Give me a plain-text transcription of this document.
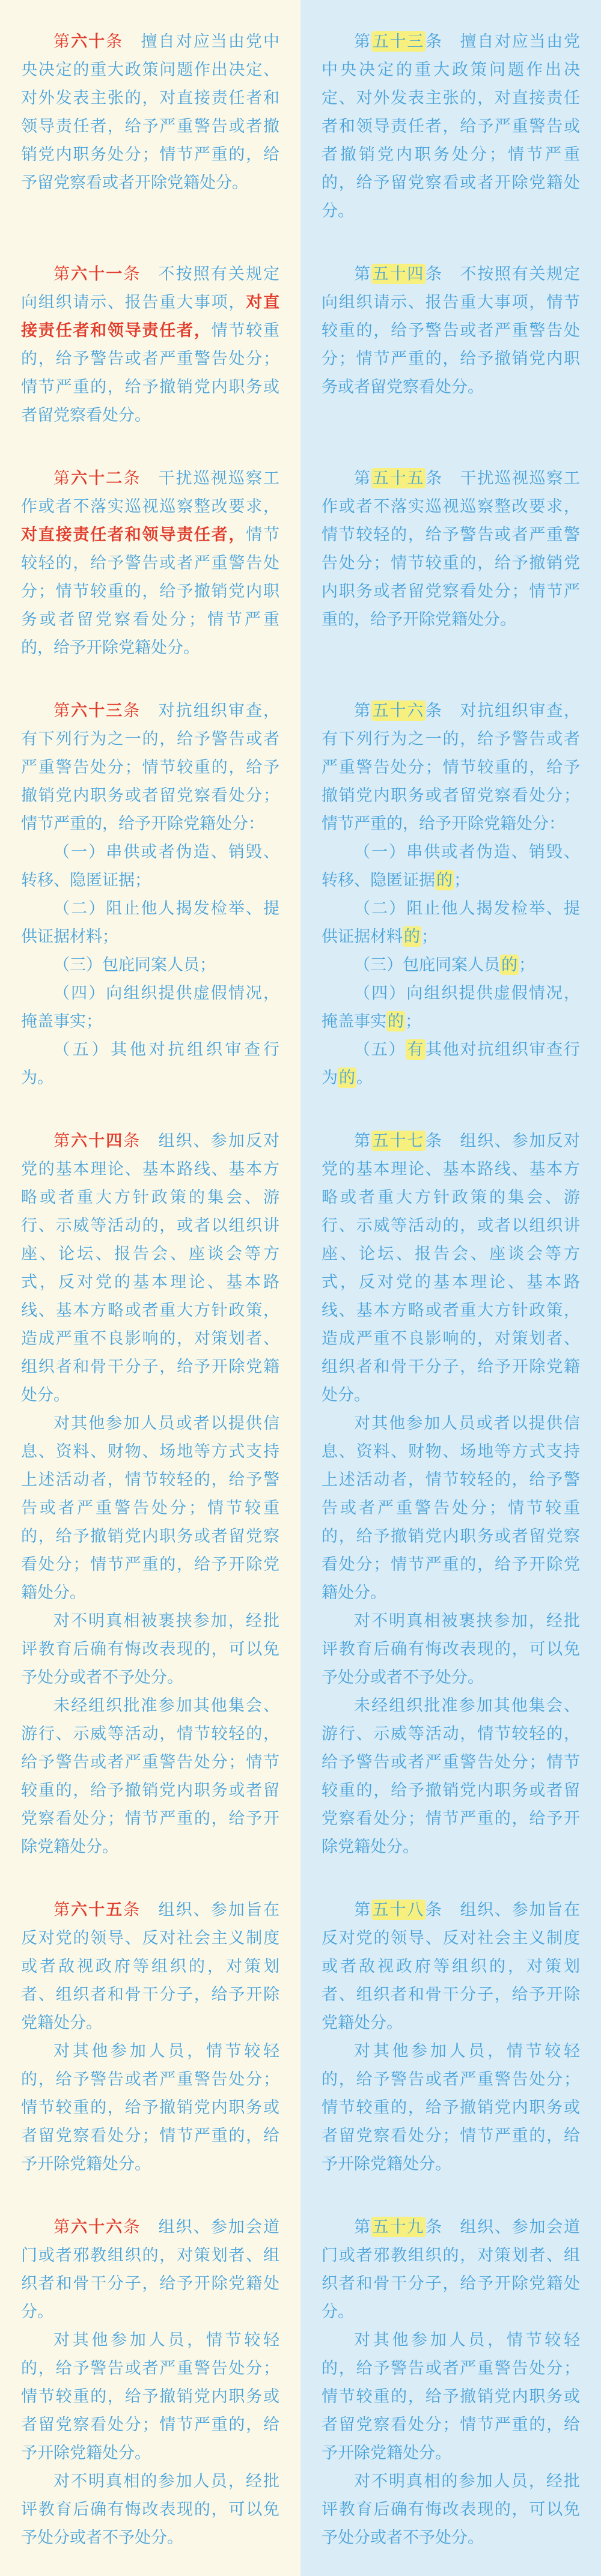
第六十条　 擅自对应当由党中央决定的重大政策问题作出决定、对外发表主张的，对直接责任者和领导责任者，给予严重警告或者撤销党内职务处分；情节严重的，给予留党察看或者开除党籍处分。

第五十三条　 擅自对应当由党中央决定的重大政策问题作出决定、对外发表主张的，对直接责任者和领导责任者，给予严重警告或者撤销党内职务处分；情节严重的，给予留党察看或者开除党籍处分。

第六十一条　 不按照有关规定向组织请示、报告重大事项，对直接责任者和领导责任者，情节较重的，给予警告或者严重警告处分；情节严重的，给予撤销党内职务或者留党察看处分。

第五十四条　 不按照有关规定向组织请示、报告重大事项，情节较重的，给予警告或者严重警告处分；情节严重的，给予撤销党内职务或者留党察看处分。

第六十二条　 干扰巡视巡察工作或者不落实巡视巡察整改要求，对直接责任者和领导责任者，情节较轻的，给予警告或者严重警告处分；情节较重的，给予撤销党内职务或者留党察看处分；情节严重的，给予开除党籍处分。

第五十五条　 干扰巡视巡察工作或者不落实巡视巡察整改要求，情节较轻的，给予警告或者严重警告处分；情节较重的，给予撤销党内职务或者留党察看处分；情节严重的，给予开除党籍处分。

第六十三条　 对抗组织审查，有下列行为之一的，给予警告或者严重警告处分；情节较重的，给予撤销党内职务或者留党察看处分；情节严重的，给予开除党籍处分：

（一）串供或者伪造、销毁、转移、隐匿证据；

（二）阻止他人揭发检举、提供证据材料；

（三）包庇同案人员；

（四）向组织提供虚假情况，掩盖事实；

（五）其他对抗组织审查行为。

第五十六条　 对抗组织审查，有下列行为之一的，给予警告或者严重警告处分；情节较重的，给予撤销党内职务或者留党察看处分；情节严重的，给予开除党籍处分：

（一）串供或者伪造、销毁、转移、隐匿证据的；

（二）阻止他人揭发检举、提供证据材料的；

（三）包庇同案人员的；

（四）向组织提供虚假情况，掩盖事实的；

（五）有其他对抗组织审查行为的。

第六十四条　 组织、参加反对党的基本理论、基本路线、基本方略或者重大方针政策的集会、游行、示威等活动的，或者以组织讲座、论坛、报告会、座谈会等方式，反对党的基本理论、基本路线、基本方略或者重大方针政策，造成严重不良影响的，对策划者、组织者和骨干分子，给予开除党籍处分。

对其他参加人员或者以提供信息、资料、财物、场地等方式支持上述活动者，情节较轻的，给予警告或者严重警告处分；情节较重的，给予撤销党内职务或者留党察看处分；情节严重的，给予开除党籍处分。

对不明真相被裹挟参加，经批评教育后确有悔改表现的，可以免予处分或者不予处分。

未经组织批准参加其他集会、游行、示威等活动，情节较轻的，给予警告或者严重警告处分；情节较重的，给予撤销党内职务或者留党察看处分；情节严重的，给予开除党籍处分。

第五十七条　 组织、参加反对党的基本理论、基本路线、基本方略或者重大方针政策的集会、游行、示威等活动的，或者以组织讲座、论坛、报告会、座谈会等方式，反对党的基本理论、基本路线、基本方略或者重大方针政策，造成严重不良影响的，对策划者、组织者和骨干分子，给予开除党籍处分。

对其他参加人员或者以提供信息、资料、财物、场地等方式支持上述活动者，情节较轻的，给予警告或者严重警告处分；情节较重的，给予撤销党内职务或者留党察看处分；情节严重的，给予开除党籍处分。

对不明真相被裹挟参加，经批评教育后确有悔改表现的，可以免予处分或者不予处分。

未经组织批准参加其他集会、游行、示威等活动，情节较轻的，给予警告或者严重警告处分；情节较重的，给予撤销党内职务或者留党察看处分；情节严重的，给予开除党籍处分。

第六十五条　 组织、参加旨在反对党的领导、反对社会主义制度或者敌视政府等组织的，对策划者、组织者和骨干分子，给予开除党籍处分。

对其他参加人员，情节较轻的，给予警告或者严重警告处分；情节较重的，给予撤销党内职务或者留党察看处分；情节严重的，给予开除党籍处分。

第五十八条　 组织、参加旨在反对党的领导、反对社会主义制度或者敌视政府等组织的，对策划者、组织者和骨干分子，给予开除党籍处分。

对其他参加人员，情节较轻的，给予警告或者严重警告处分；情节较重的，给予撤销党内职务或者留党察看处分；情节严重的，给予开除党籍处分。

第六十六条　 组织、参加会道门或者邪教组织的，对策划者、组织者和骨干分子，给予开除党籍处分。

对其他参加人员，情节较轻的，给予警告或者严重警告处分；情节较重的，给予撤销党内职务或者留党察看处分；情节严重的，给予开除党籍处分。

对不明真相的参加人员，经批评教育后确有悔改表现的，可以免予处分或者不予处分。

第五十九条　 组织、参加会道门或者邪教组织的，对策划者、组织者和骨干分子，给予开除党籍处分。

对其他参加人员，情节较轻的，给予警告或者严重警告处分；情节较重的，给予撤销党内职务或者留党察看处分；情节严重的，给予开除党籍处分。

对不明真相的参加人员，经批评教育后确有悔改表现的，可以免予处分或者不予处分。
